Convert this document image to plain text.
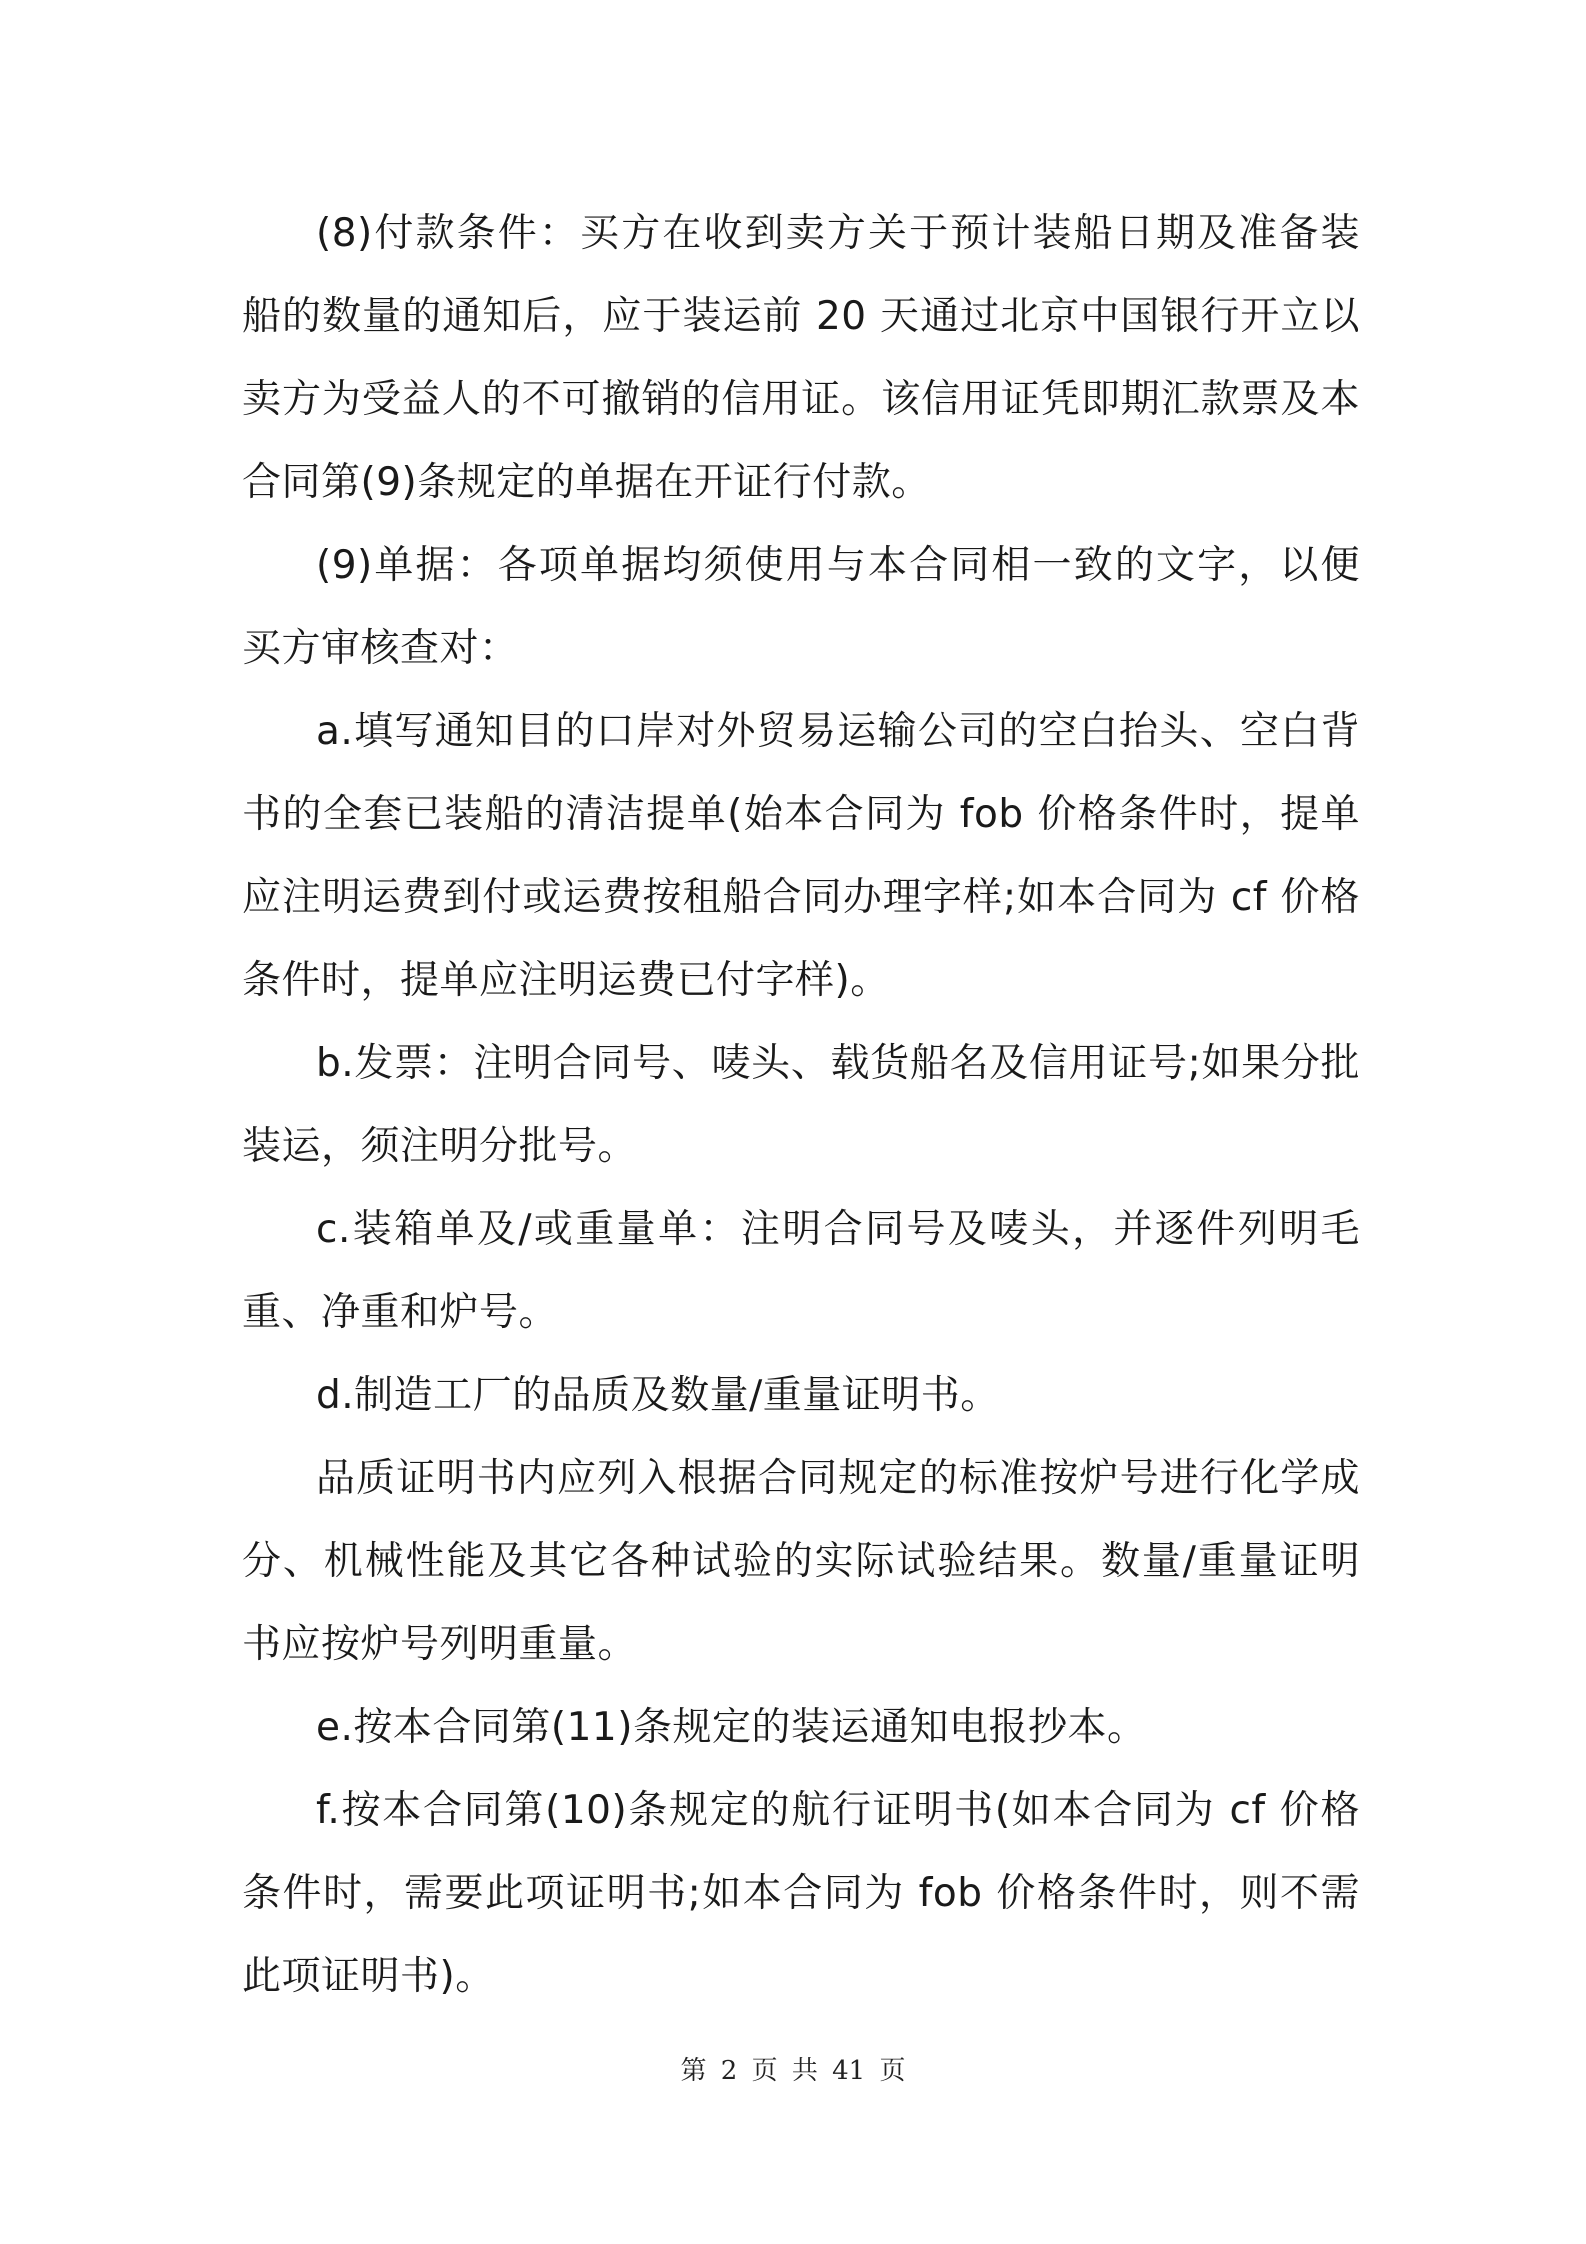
(8)付款条件：买方在收到卖方关于预计装船日期及准备装船的数量的通知后，应于装运前 20 天通过北京中国银行开立以卖方为受益人的不可撤销的信用证。该信用证凭即期汇款票及本合同第(9)条规定的单据在开证行付款。

(9)单据：各项单据均须使用与本合同相一致的文字，以便买方审核查对：

a.填写通知目的口岸对外贸易运输公司的空白抬头、空白背书的全套已装船的清洁提单(始本合同为 fob 价格条件时，提单应注明运费到付或运费按租船合同办理字样;如本合同为 cf 价格条件时，提单应注明运费已付字样)。

b.发票：注明合同号、唛头、载货船名及信用证号;如果分批装运，须注明分批号。

c.装箱单及/或重量单：注明合同号及唛头，并逐件列明毛重、净重和炉号。

d.制造工厂的品质及数量/重量证明书。

品质证明书内应列入根据合同规定的标准按炉号进行化学成分、机械性能及其它各种试验的实际试验结果。数量/重量证明书应按炉号列明重量。

e.按本合同第(11)条规定的装运通知电报抄本。

f.按本合同第(10)条规定的航行证明书(如本合同为 cf 价格条件时，需要此项证明书;如本合同为 fob 价格条件时，则不需此项证明书)。

第 2 页 共 41 页
